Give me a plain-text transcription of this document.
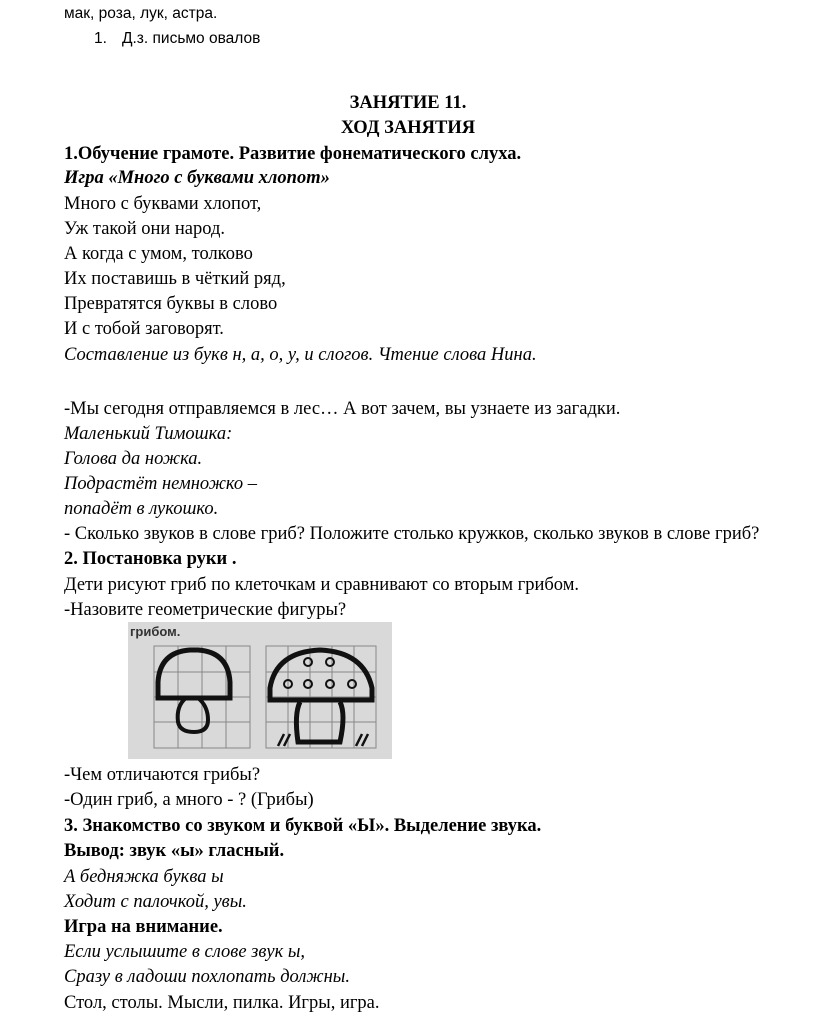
мак, роза, лук, астра.
1. Д.з. письмо овалов
ЗАНЯТИЕ 11.
ХОД ЗАНЯТИЯ
1.Обучение грамоте. Развитие фонематического слуха.
Игра «Много с буквами хлопот»
Много с буквами хлопот,
Уж такой они народ.
А когда с умом, толково
Их поставишь в чёткий ряд,
Превратятся буквы в слово
И с тобой заговорят.
Составление из букв н, а, о, у, и слогов. Чтение слова Нина.
-Мы сегодня отправляемся в лес… А вот зачем, вы узнаете из загадки.
Маленький Тимошка:
Голова да ножка.
Подрастёт немножко –
попадёт в лукошко.
- Сколько звуков в слове гриб? Положите столько кружков, сколько звуков в слове гриб?
2. Постановка руки .
Дети рисуют гриб по клеточкам и сравнивают со вторым грибом.
-Назовите геометрические фигуры?
грибом.
-Чем отличаются грибы?
-Один гриб, а много - ? (Грибы)
3. Знакомство со звуком и буквой «Ы». Выделение звука.
Вывод: звук «ы» гласный.
А бедняжка буква ы
Ходит с палочкой, увы.
Игра на внимание.
Если услышите в слове звук ы,
Сразу в ладоши похлопать должны.
Стол, столы. Мысли, пилка. Игры, игра.
